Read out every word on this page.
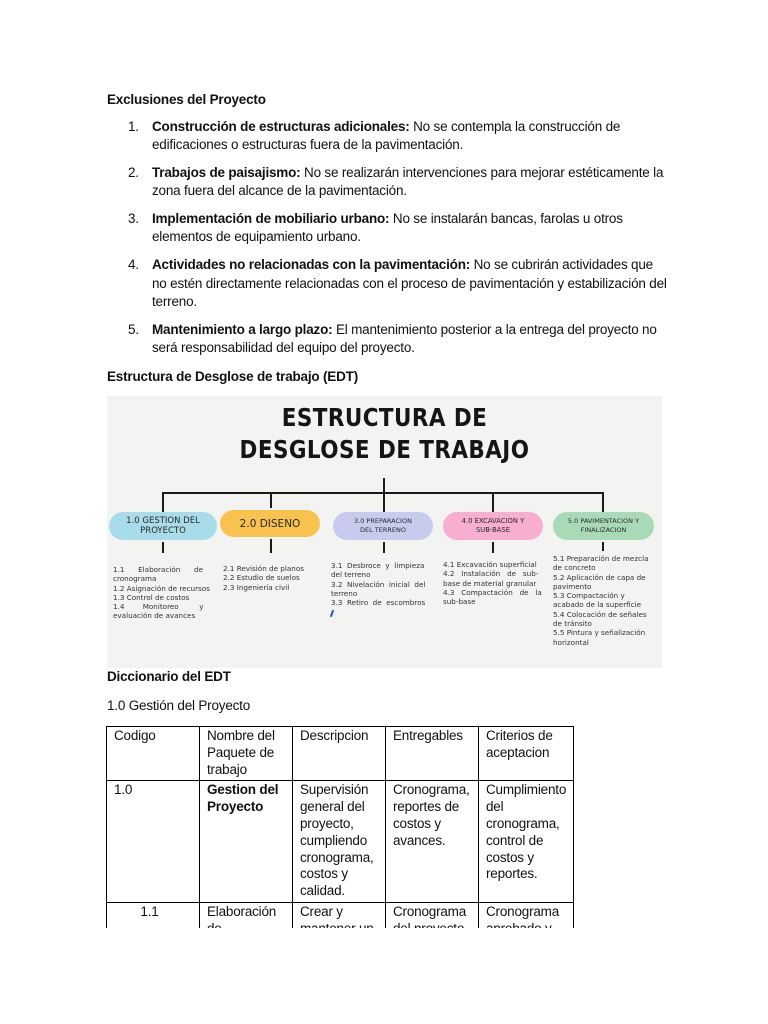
Exclusiones del Proyecto
1. Construcción de estructuras adicionales: No se contempla la construcción de edificaciones o estructuras fuera de la pavimentación.
2. Trabajos de paisajismo: No se realizarán intervenciones para mejorar estéticamente la zona fuera del alcance de la pavimentación.
3. Implementación de mobiliario urbano: No se instalarán bancas, farolas u otros elementos de equipamiento urbano.
4. Actividades no relacionadas con la pavimentación: No se cubrirán actividades que no estén directamente relacionadas con el proceso de pavimentación y estabilización del terreno.
5. Mantenimiento a largo plazo: El mantenimiento posterior a la entrega del proyecto no será responsabilidad del equipo del proyecto.
Estructura de Desglose de trabajo (EDT)
ESTRUCTURA DE
DESGLOSE DE TRABAJO
1.0 GESTION DEL PROYECTO
2.0 DISENO	3.0 PREPARACION DEL TERRENO
4.0 EXCAVACION Y SUB-BASE
5.0 PAVIMENTACION Y FINALIZACION
1.1      Elaboración      de
cronograma
1.2 Asignación de recursos
1.3 Control de costos
1.4        Monitoreo         y
evaluación de avances
2.1 Revisión de planos
2.2 Estudio de suelos
2.3 Ingeniería civil
3.1  Desbroce  y  limpieza
del terreno
3.2  Nivelación  inicial  del
terreno
3.3  Retiro  de  escombros
4.1 Excavación superficial
4.2   Instalación   de   sub-
base de material granular
4.3   Compactación   de   la
sub-base
5.1 Preparación de mezcla
de concreto
5.2 Aplicación de capa de
pavimento
5.3 Compactación y
acabado de la superficie
5.4 Colocación de señales
de tránsito
5.5 Pintura y señalización
horizontal
Diccionario del EDT
1.0 Gestión del Proyecto
Codigo	Nombre del Paquete de trabajo	Descripcion	Entregables	Criterios de aceptacion
1.0	Gestion del Proyecto	Supervisión general del proyecto, cumpliendo cronograma, costos y calidad.	Cronograma, reportes de costos y avances.	Cumplimiento del cronograma, control de costos y reportes.
1.1	Elaboración	Crear y	Cronograma	Cronograma
